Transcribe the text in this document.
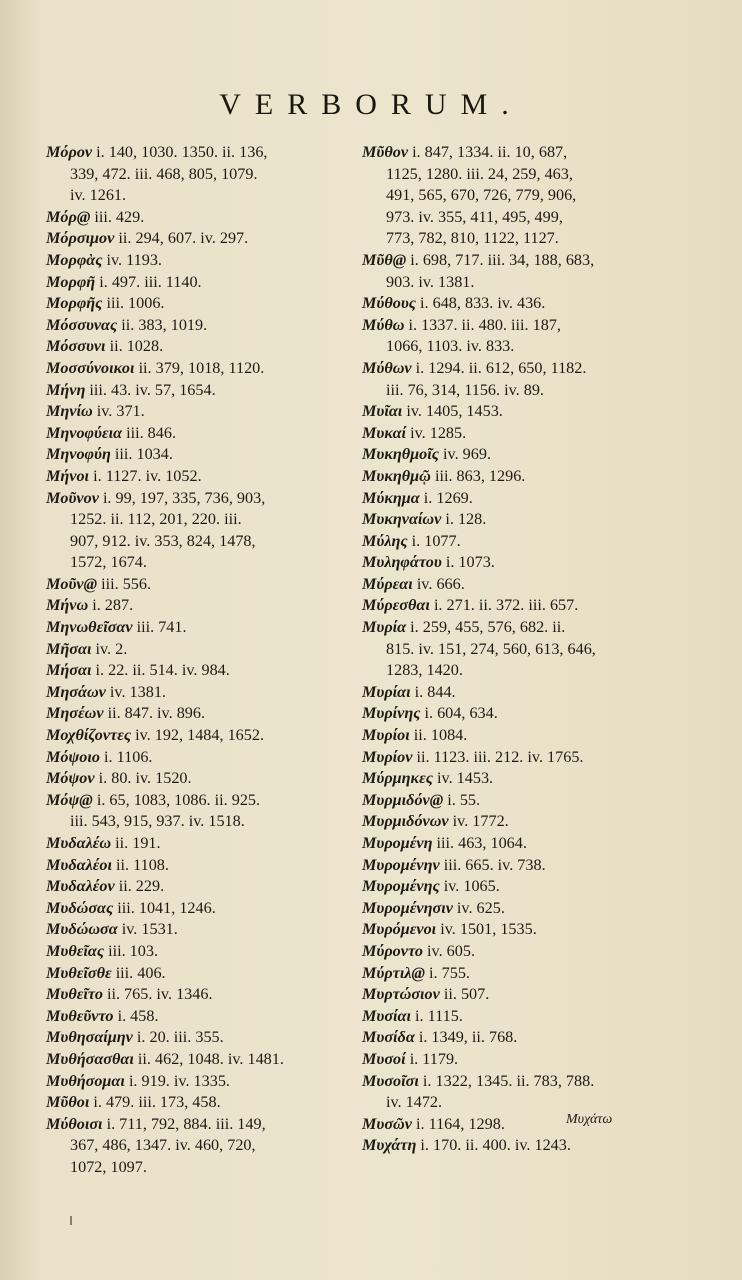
VERBORUM.
Μόρον i. 140, 1030. 1350. ii. 136,
339, 472. iii. 468, 805, 1079.
iv. 1261.
Μόρ@ iii. 429.
Μόρσιμον ii. 294, 607. iv. 297.
Μορφὰς iv. 1193.
Μορφῆ i. 497. iii. 1140.
Μορφῆς iii. 1006.
Μόσσυνας ii. 383, 1019.
Μόσσυνι ii. 1028.
Μοσσύνοικοι ii. 379, 1018, 1120.
Μήνη iii. 43. iv. 57, 1654.
Μηνίω iv. 371.
Μηνοφύεια iii. 846.
Μηνοφύη iii. 1034.
Μήνοι i. 1127. iv. 1052.
Μοῦνον i. 99, 197, 335, 736, 903,
1252. ii. 112, 201, 220. iii.
907, 912. iv. 353, 824, 1478,
1572, 1674.
Μοῦν@ iii. 556.
Μήνω i. 287.
Μηνωθεῖσαν iii. 741.
Μῆσαι iv. 2.
Μήσαι i. 22. ii. 514. iv. 984.
Μησάων iv. 1381.
Μησέων ii. 847. iv. 896.
Μοχθίζοντες iv. 192, 1484, 1652.
Μόψοιο i. 1106.
Μόψον i. 80. iv. 1520.
Μόψ@ i. 65, 1083, 1086. ii. 925.
iii. 543, 915, 937. iv. 1518.
Μυδαλέω ii. 191.
Μυδαλέοι ii. 1108.
Μυδαλέον ii. 229.
Μυδώσας iii. 1041, 1246.
Μυδώωσα iv. 1531.
Μυθεῖας iii. 103.
Μυθεῖσθε iii. 406.
Μυθεῖτο ii. 765. iv. 1346.
Μυθεῦντο i. 458.
Μυθησαίμην i. 20. iii. 355.
Μυθήσασθαι ii. 462, 1048. iv. 1481.
Μυθήσομαι i. 919. iv. 1335.
Μῦθοι i. 479. iii. 173, 458.
Μύθοισι i. 711, 792, 884. iii. 149,
367, 486, 1347. iv. 460, 720,
1072, 1097.
Μῦθον i. 847, 1334. ii. 10, 687,
1125, 1280. iii. 24, 259, 463,
491, 565, 670, 726, 779, 906,
973. iv. 355, 411, 495, 499,
773, 782, 810, 1122, 1127.
Μῦθ@ i. 698, 717. iii. 34, 188, 683,
903. iv. 1381.
Μύθους i. 648, 833. iv. 436.
Μύθω i. 1337. ii. 480. iii. 187,
1066, 1103. iv. 833.
Μύθων i. 1294. ii. 612, 650, 1182.
iii. 76, 314, 1156. iv. 89.
Μυῖαι iv. 1405, 1453.
Μυκαί iv. 1285.
Μυκηθμοῖς iv. 969.
Μυκηθμῷ iii. 863, 1296.
Μύκημα i. 1269.
Μυκηναίων i. 128.
Μύλης i. 1077.
Μυληφάτου i. 1073.
Μύρεαι iv. 666.
Μύρεσθαι i. 271. ii. 372. iii. 657.
Μυρία i. 259, 455, 576, 682. ii.
815. iv. 151, 274, 560, 613, 646,
1283, 1420.
Μυρίαι i. 844.
Μυρίνης i. 604, 634.
Μυρίοι ii. 1084.
Μυρίον ii. 1123. iii. 212. iv. 1765.
Μύρμηκες iv. 1453.
Μυρμιδόν@ i. 55.
Μυρμιδόνων iv. 1772.
Μυρομένη iii. 463, 1064.
Μυρομένην iii. 665. iv. 738.
Μυρομένης iv. 1065.
Μυρομένησιν iv. 625.
Μυρόμενοι iv. 1501, 1535.
Μύροντο iv. 605.
Μύρτιλ@ i. 755.
Μυρτώσιον ii. 507.
Μυσίαι i. 1115.
Μυσίδα i. 1349, ii. 768.
Μυσοί i. 1179.
Μυσοῖσι i. 1322, 1345. ii. 783, 788.
iv. 1472.
Μυσῶν i. 1164, 1298.
Μυχάτη i. 170. ii. 400. iv. 1243.
Μυχάτω
